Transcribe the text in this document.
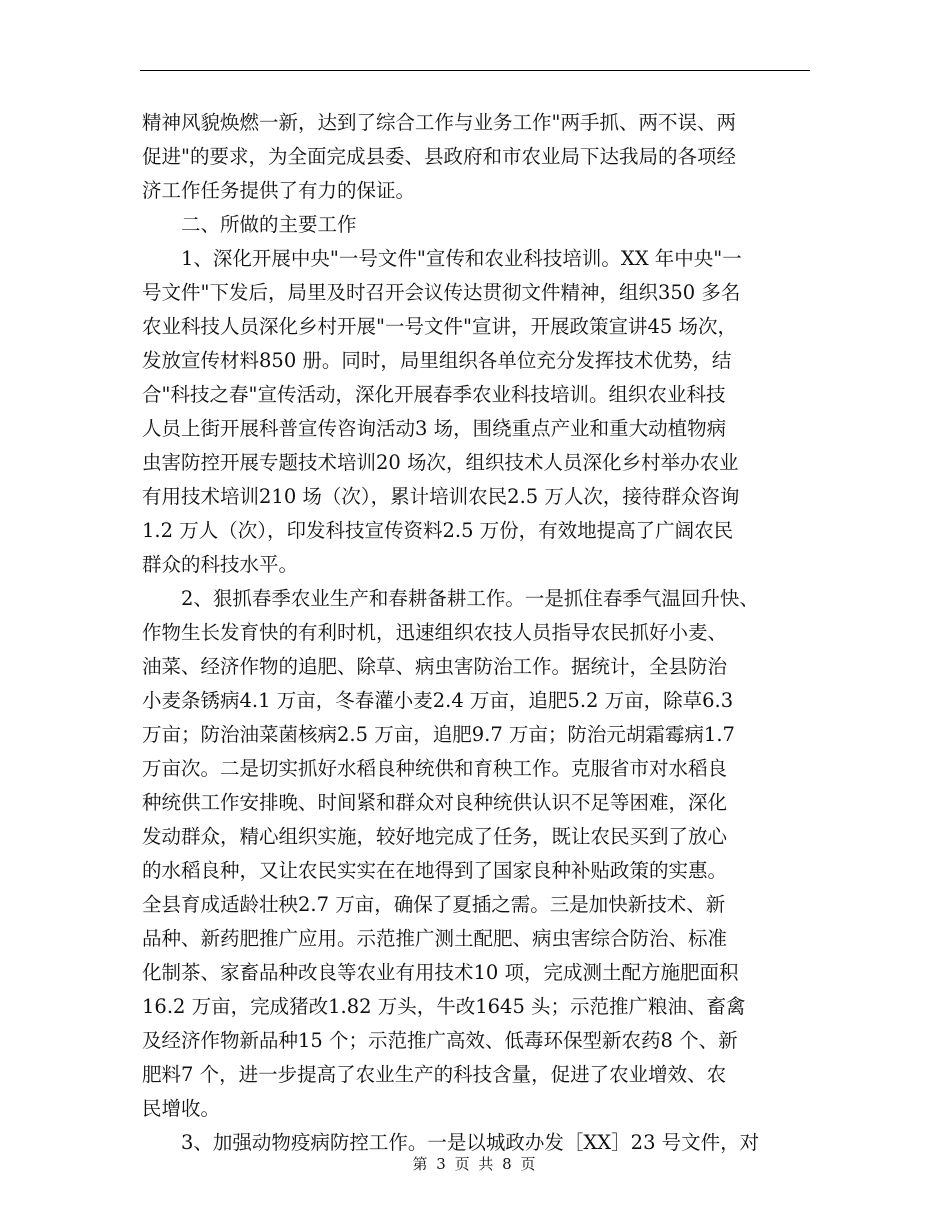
精神风貌焕燃一新，达到了综合工作与业务工作"两手抓、两不误、两
促进"的要求，为全面完成县委、县政府和市农业局下达我局的各项经
济工作任务提供了有力的保证。
二、所做的主要工作
1、深化开展中央"一号文件"宣传和农业科技培训。XX 年中央"一
号文件"下发后，局里及时召开会议传达贯彻文件精神，组织350 多名
农业科技人员深化乡村开展"一号文件"宣讲，开展政策宣讲45 场次，
发放宣传材料850 册。同时，局里组织各单位充分发挥技术优势，结
合"科技之春"宣传活动，深化开展春季农业科技培训。组织农业科技
人员上街开展科普宣传咨询活动3 场，围绕重点产业和重大动植物病
虫害防控开展专题技术培训20 场次，组织技术人员深化乡村举办农业
有用技术培训210 场（次），累计培训农民2.5 万人次，接待群众咨询
1.2 万人（次），印发科技宣传资料2.5 万份，有效地提高了广阔农民
群众的科技水平。
2、狠抓春季农业生产和春耕备耕工作。一是抓住春季气温回升快、
作物生长发育快的有利时机，迅速组织农技人员指导农民抓好小麦、
油菜、经济作物的追肥、除草、病虫害防治工作。据统计，全县防治
小麦条锈病4.1 万亩，冬春灌小麦2.4 万亩，追肥5.2 万亩，除草6.3
万亩；防治油菜菌核病2.5 万亩，追肥9.7 万亩；防治元胡霜霉病1.7
万亩次。二是切实抓好水稻良种统供和育秧工作。克服省市对水稻良
种统供工作安排晚、时间紧和群众对良种统供认识不足等困难，深化
发动群众，精心组织实施，较好地完成了任务，既让农民买到了放心
的水稻良种，又让农民实实在在地得到了国家良种补贴政策的实惠。
全县育成适龄壮秧2.7 万亩，确保了夏插之需。三是加快新技术、新
品种、新药肥推广应用。示范推广测土配肥、病虫害综合防治、标准
化制茶、家畜品种改良等农业有用技术10 项，完成测土配方施肥面积
16.2 万亩，完成猪改1.82 万头，牛改1645 头；示范推广粮油、畜禽
及经济作物新品种15 个；示范推广高效、低毒环保型新农药8 个、新
肥料7 个，进一步提高了农业生产的科技含量，促进了农业增效、农
民增收。
3、加强动物疫病防控工作。一是以城政办发［XX］23 号文件，对
第 3 页 共 8 页
